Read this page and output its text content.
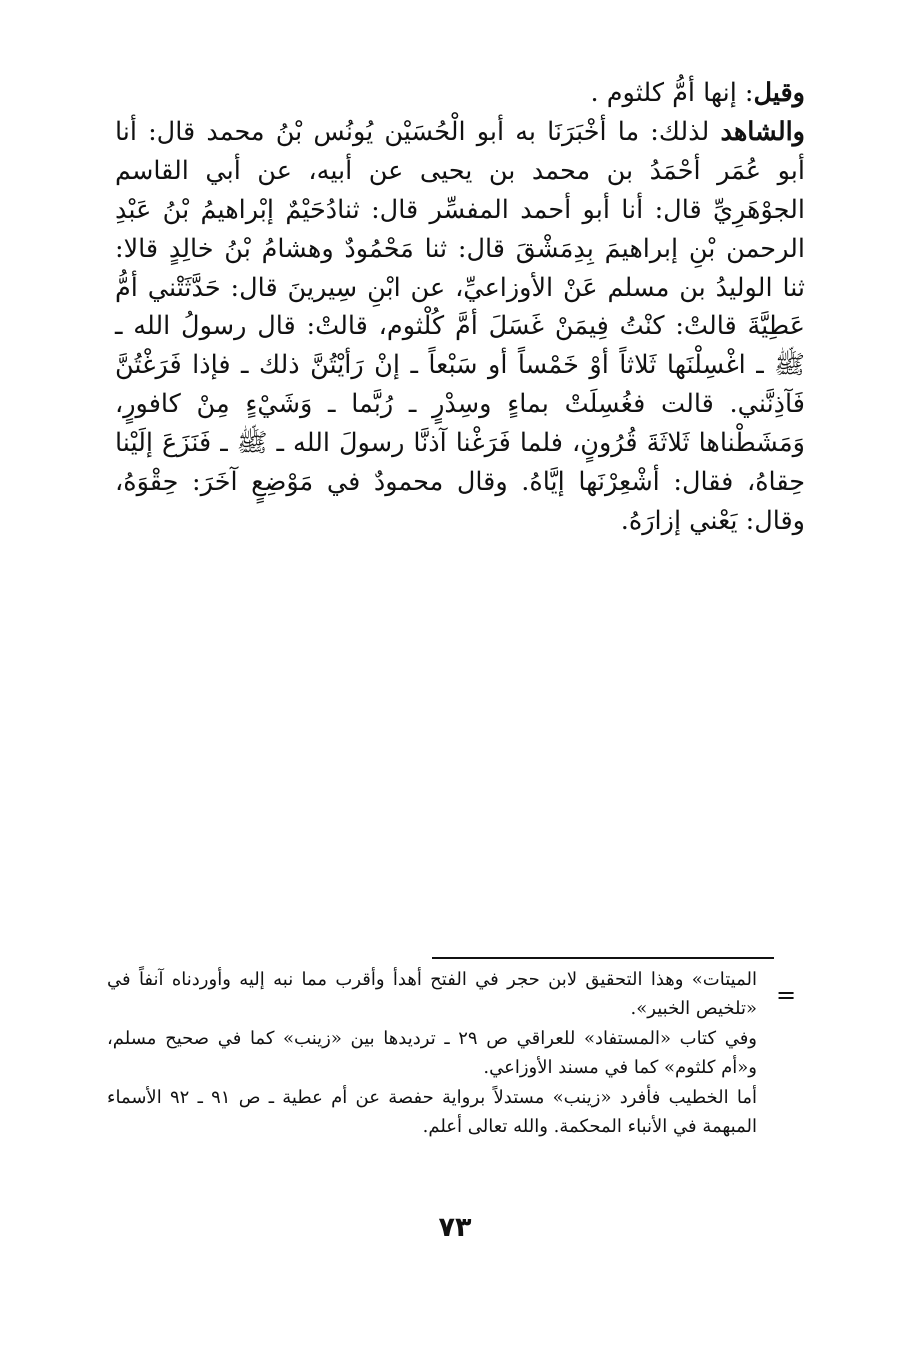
وقيل: إنها أمُّ كلثوم .

والشاهد لذلك: ما أخْبَرَنَا به أبو الْحُسَيْن يُونُس بْنُ محمد قال: أنا أبو عُمَر أحْمَدُ بن محمد بن يحيى عن أبيه، عن أبي القاسم الجوْهَرِيِّ قال: أنا أبو أحمد المفسِّر قال: ثنادُحَيْمٌ إبْراهيمُ بْنُ عَبْدِ الرحمن بْنِ إبراهيمَ بِدِمَشْقَ قال: ثنا مَحْمُودٌ وهشامُ بْنُ خالِدٍ قالا: ثنا الوليدُ بن مسلم عَنْ الأوزاعيِّ، عن ابْنِ سِيرينَ قال: حَدَّثَتْني أمُّ عَطِيَّةَ قالتْ: كنْتُ فِيمَنْ غَسَلَ أمَّ كُلْثوم، قالتْ: قال رسولُ الله ـ ﷺ ـ اغْسِلْنَها ثَلاثاً أوْ خَمْساً أو سَبْعاً ـ إنْ رَأيْتُنَّ ذلك ـ فإذا فَرَغْتُنَّ فَآذِنَّني. قالت فغُسِلَتْ بماءٍ وسِدْرٍ ـ رُبَّما ـ وَشَيْءٍ مِنْ كافورٍ، وَمَشَطْناها ثَلاثَةَ قُرُونٍ، فلما فَرَغْنا آذنَّا رسولَ الله ـ ﷺ ـ فَنَزَعَ إلَيْنا حِقاهُ، فقال: أشْعِرْنَها إيَّاهُ. وقال محمودٌ في مَوْضِعٍ آخَرَ: حِقْوَهُ، وقال: يَعْني إزارَهُ.

=

الميتات» وهذا التحقيق لابن حجر في الفتح أهدأ وأقرب مما نبه إليه وأوردناه آنفاً في «تلخيص الخبير».

وفي كتاب «المستفاد» للعراقي ص ٢٩ ـ ترديدها بين «زينب» كما في صحيح مسلم، و«أم كلثوم» كما في مسند الأوزاعي.

أما الخطيب فأفرد «زينب» مستدلاً برواية حفصة عن أم عطية ـ ص ٩١ ـ ٩٢ الأسماء المبهمة في الأنباء المحكمة. والله تعالى أعلم.

٧٣
